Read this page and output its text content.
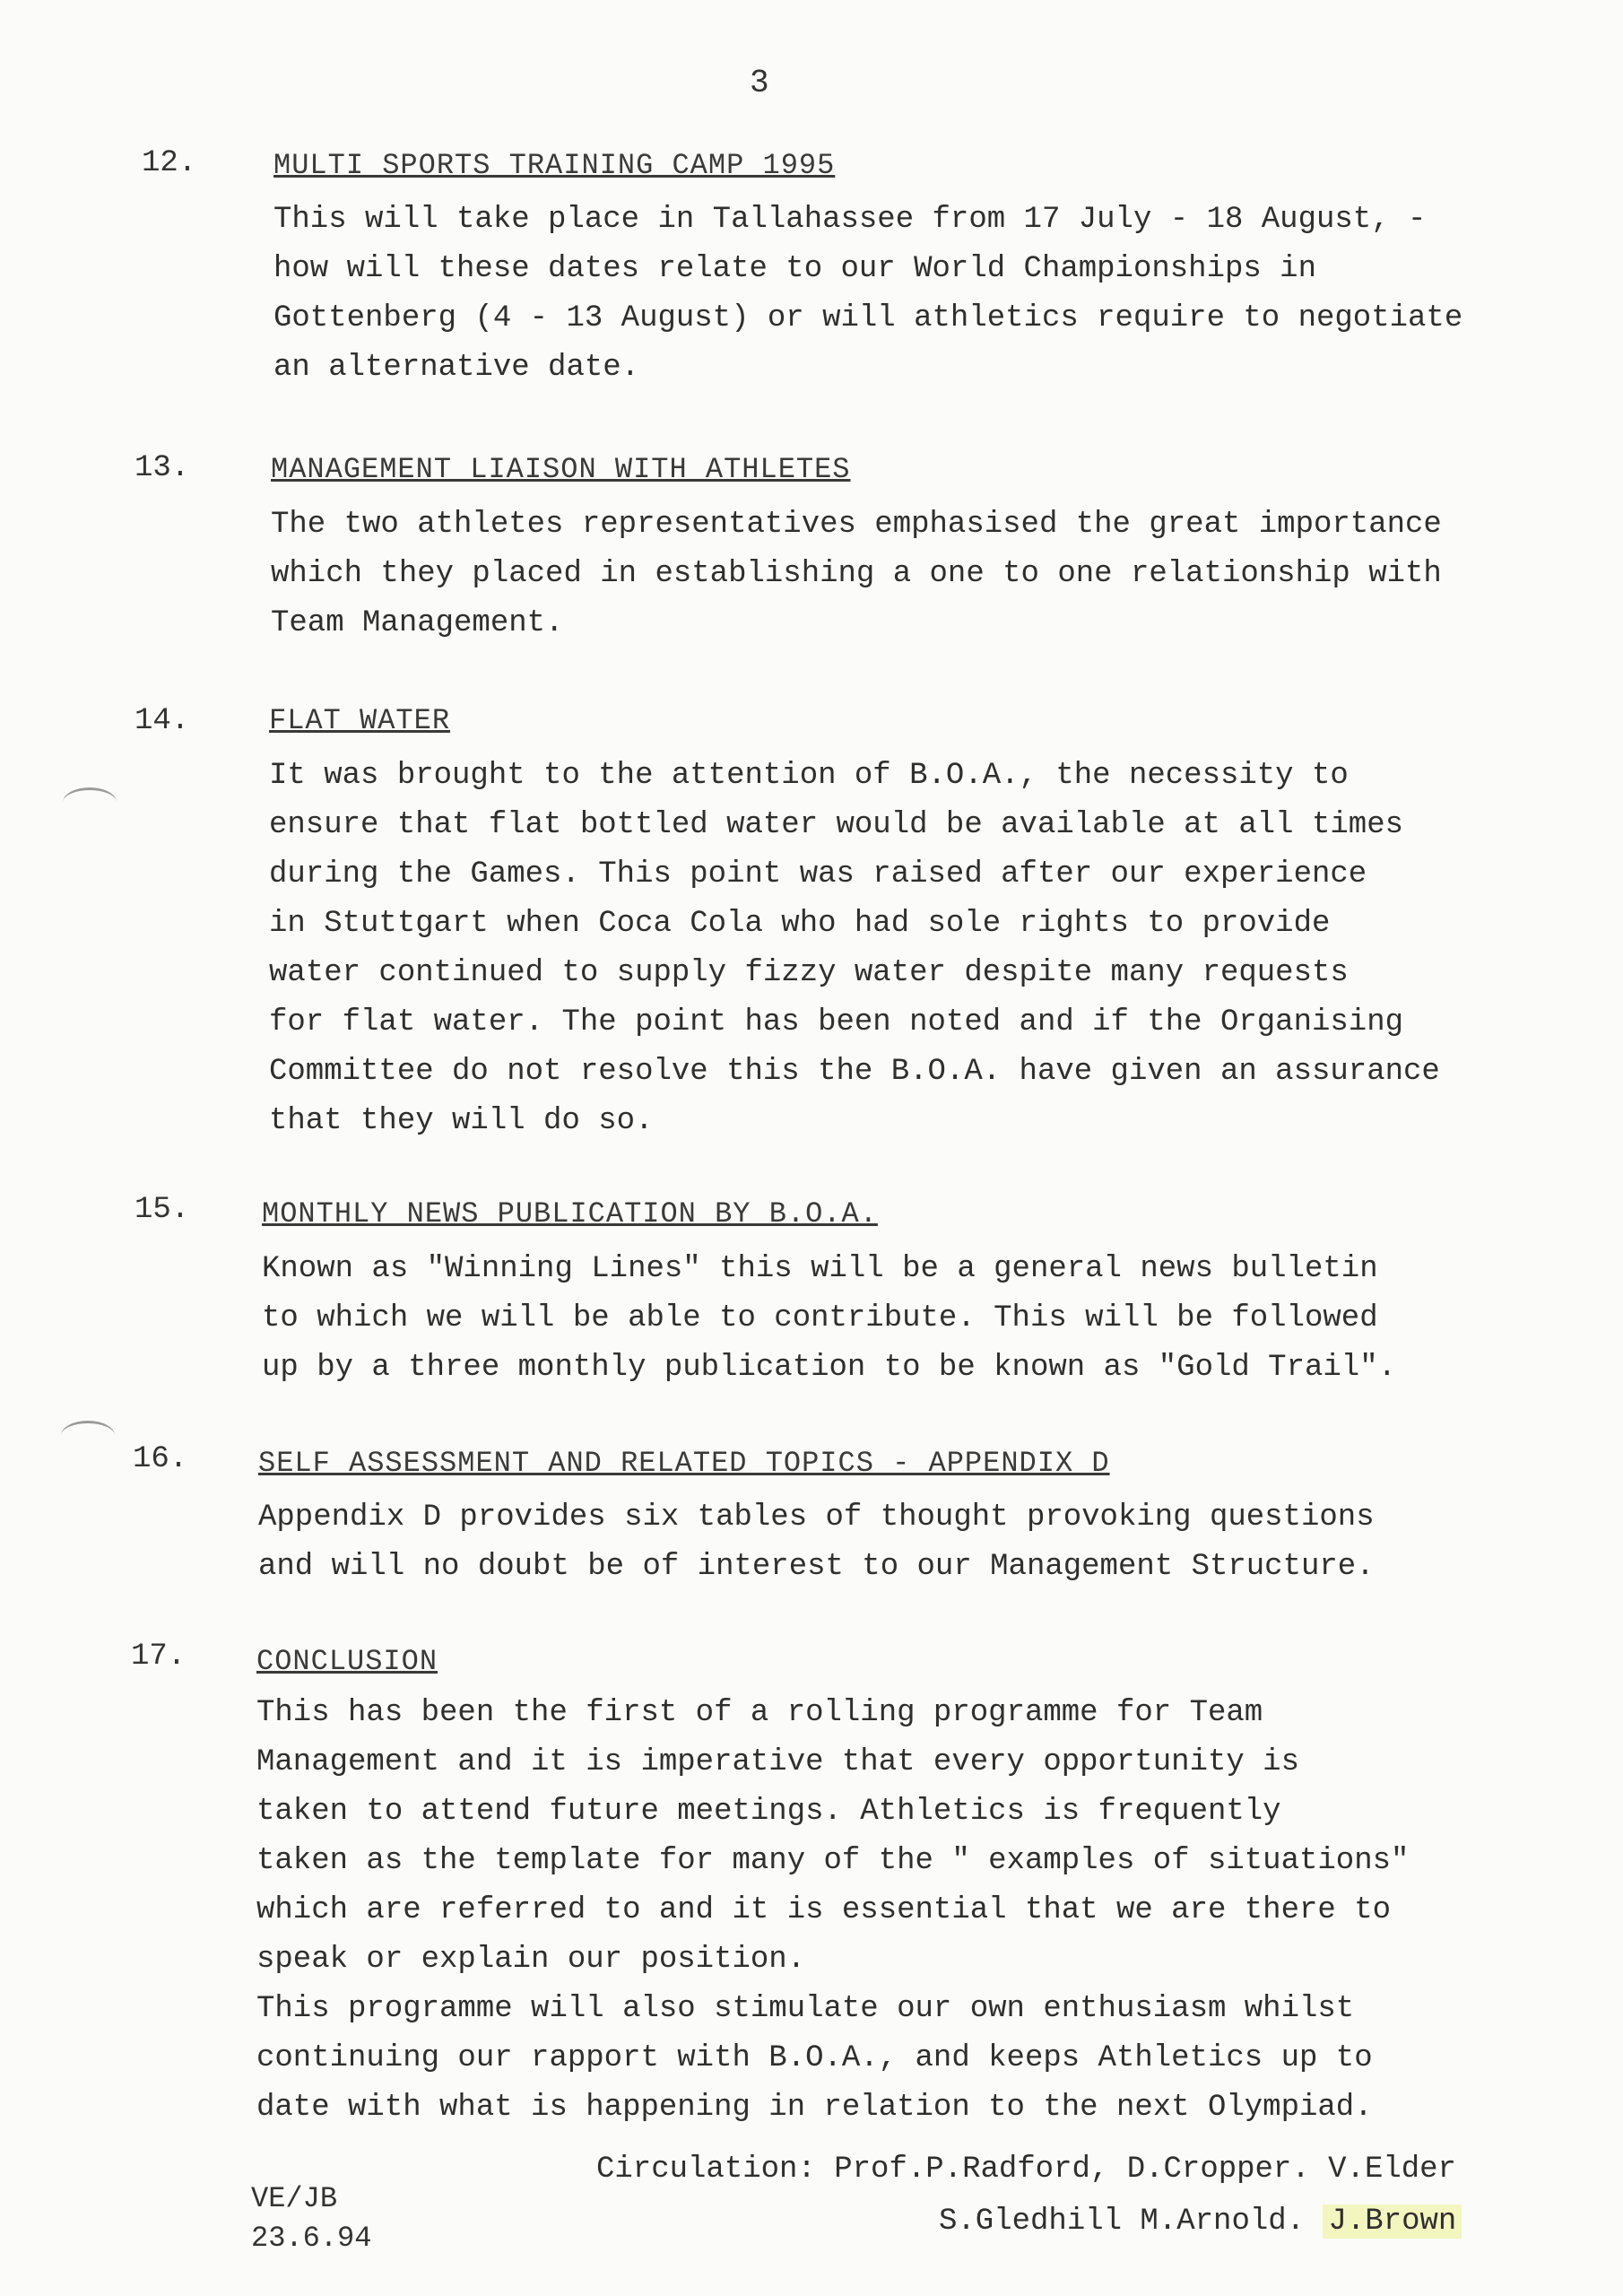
3
12.	MULTI SPORTS TRAINING CAMP 1995

This will take place in Tallahassee from 17 July - 18 August, -

how will these dates relate to our World Championships in

Gottenberg (4 - 13 August) or will athletics require to negotiate

an alternative date.

13.	MANAGEMENT LIAISON WITH ATHLETES

The two athletes representatives emphasised the great importance

which they placed in establishing a one to one relationship with

Team Management.

14.	FLAT WATER

It was brought to the attention of B.O.A., the necessity to

ensure that flat bottled water would be available at all times

during the Games. This point was raised after our experience

in Stuttgart when Coca Cola who had sole rights to provide

water continued to supply fizzy water despite many requests

for flat water. The point has been noted and if the Organising

Committee do not resolve this the B.O.A. have given an assurance

that they will do so.

15.	MONTHLY NEWS PUBLICATION BY B.O.A.

Known as "Winning Lines" this will be a general news bulletin

to which we will be able to contribute. This will be followed

up by a three monthly publication to be known as "Gold Trail".

16. SELF ASSESSMENT AND RELATED TOPICS - APPENDIX D

Appendix D provides six tables of thought provoking questions

and will no doubt be of interest to our Management Structure.

17. CONCLUSION

This has been the first of a rolling programme for Team

Management and it is imperative that every opportunity is

taken to attend future meetings. Athletics is frequently

taken as the template for many of the " examples of situations"

which are referred to and it is essential that we are there to

speak or explain our position.

This programme will also stimulate our own enthusiasm whilst

continuing our rapport with B.O.A., and keeps Athletics up to

date with what is happening in relation to the next Olympiad.

Circulation: Prof.P.Radford, D.Cropper. V.Elder
S.Gledhill M.Arnold. J.Brown
VE/JB
23.6.94
